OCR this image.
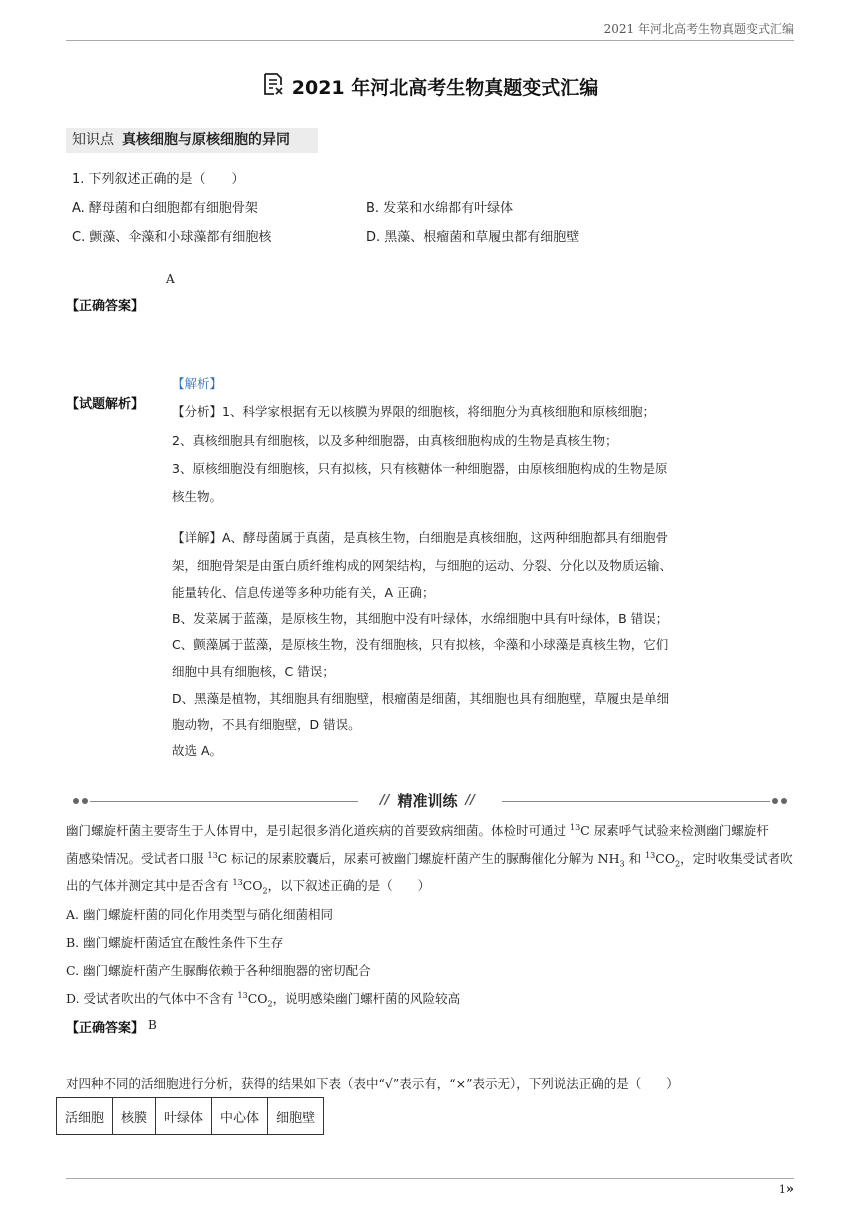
2021 年河北高考生物真题变式汇编
2021 年河北高考生物真题变式汇编
知识点 真核细胞与原核细胞的异同
1. 下列叙述正确的是（　　）
A. 酵母菌和白细胞都有细胞骨架	B. 发菜和水绵都有叶绿体
C. 颤藻、伞藻和小球藻都有细胞核	D. 黑藻、根瘤菌和草履虫都有细胞壁
A
【正确答案】
【解析】
【试题解析】 【分析】1、科学家根据有无以核膜为界限的细胞核，将细胞分为真核细胞和原核细胞；
2、真核细胞具有细胞核，以及多种细胞器，由真核细胞构成的生物是真核生物；
3、原核细胞没有细胞核，只有拟核，只有核糖体一种细胞器，由原核细胞构成的生物是原
核生物。
【详解】A、酵母菌属于真菌，是真核生物，白细胞是真核细胞，这两种细胞都具有细胞骨
架，细胞骨架是由蛋白质纤维构成的网架结构，与细胞的运动、分裂、分化以及物质运输、
能量转化、信息传递等多种功能有关，A 正确；
B、发菜属于蓝藻，是原核生物，其细胞中没有叶绿体，水绵细胞中具有叶绿体，B 错误；
C、颤藻属于蓝藻，是原核生物，没有细胞核，只有拟核，伞藻和小球藻是真核生物，它们
细胞中具有细胞核，C 错误；
D、黑藻是植物，其细胞具有细胞壁，根瘤菌是细菌，其细胞也具有细胞壁，草履虫是单细
胞动物，不具有细胞壁，D 错误。
故选 A。
// 精准训练 //
幽门螺旋杆菌主要寄生于人体胃中，是引起很多消化道疾病的首要致病细菌。体检时可通过 $^{13}$C 尿素呼气试验来检测幽门螺旋杆
菌感染情况。受试者口服 $^{13}$C 标记的尿素胶囊后，尿素可被幽门螺旋杆菌产生的脲酶催化分解为 $NH_3$ 和 $^{13}CO_2$，定时收集受试者吹
出的气体并测定其中是否含有 $^{13}CO_2$，以下叙述正确的是（　　）
A. 幽门螺旋杆菌的同化作用类型与硝化细菌相同
B. 幽门螺旋杆菌适宜在酸性条件下生存
C. 幽门螺旋杆菌产生脲酶依赖于各种细胞器的密切配合
D. 受试者吹出的气体中不含有 $^{13}CO_2$，说明感染幽门螺杆菌的风险较高
【正确答案】 B
对四种不同的活细胞进行分析，获得的结果如下表（表中“√”表示有，“×”表示无），下列说法正确的是（　　）
活细胞	核膜	叶绿体	中心体	细胞壁
1»
